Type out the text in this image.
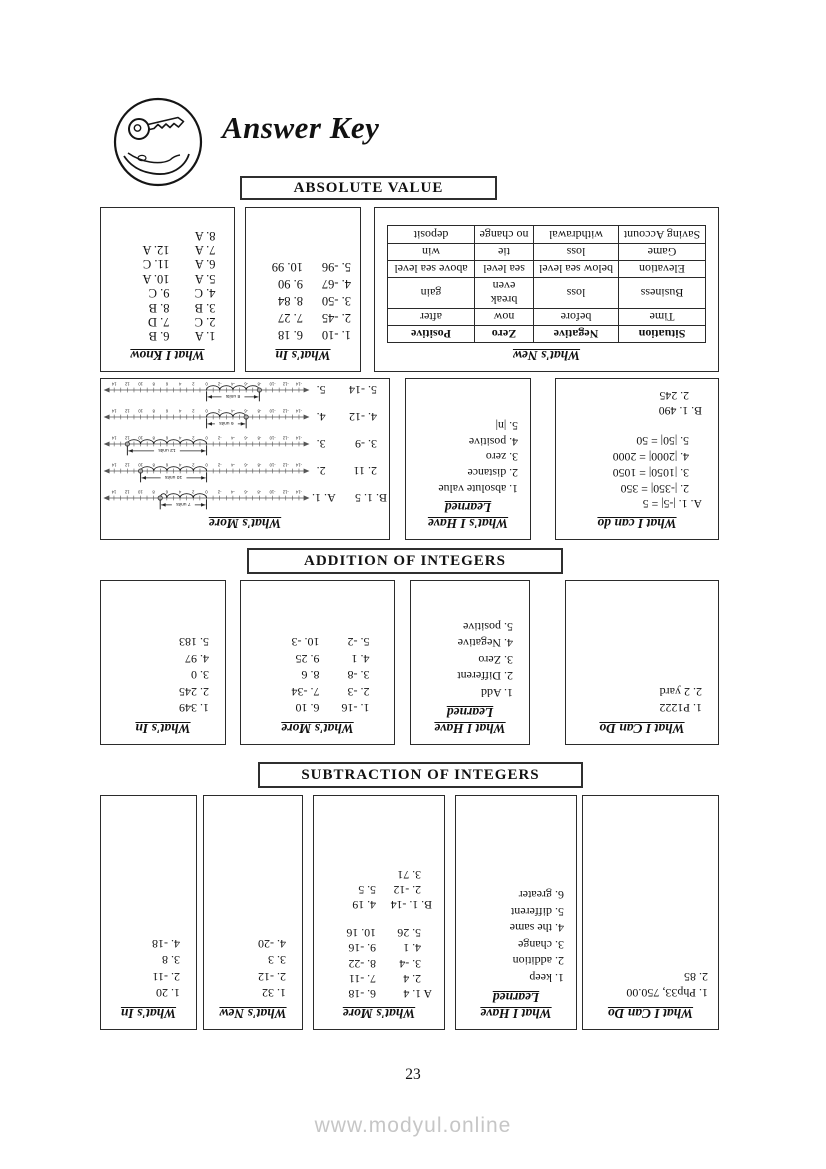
Answer Key
ABSOLUTE VALUE
ADDITION OF INTEGERS
SUBTRACTION OF INTEGERS
What I Know
1. A
6. B
2. C
7. D
3. B
8. B
4. C
9. C
5. A
10. A
6. A
11. C
7. A
12. A
8. A
What's In
1. -10
6. 18
2. -45
7. 27
3. -50
8. 84
4. -67
9. 90
5. -96
10. 99
What's New
Situation	Negative	Zero	Positive
Time	before	now	after
Business	loss	break even	gain
Elevation	below sea level	sea level	above sea level
Game	loss	tie	win
Saving Account	withdrawal	no change	deposit
What's More
B. 1. 5
A. 1.
-14
-12
-10
-8
-6
-4
-2
0
2
4
6
8
10
12
14
7 units
2. 11
2.
-14
-12
-10
-8
-6
-4
-2
0
2
4
6
8
10
12
14
10 units
3. -9
3.
-14
-12
-10
-8
-6
-4
-2
0
2
4
6
8
10
12
14
12 units
4. -12
4.
-14
-12
-10
-8
-6
-4
-2
0
2
4
6
8
10
12
14
6 units
5. -14
5.
-14
-12
-10
-8
-6
-4
-2
0
2
4
6
8
10
12
14
8 units
What's I Have Learned
1. absolute value
2. distance
3. zero
4. positive
5. |n|
What I can do
A. 1. |-5| = 5
2. |-350| = 350
3. |1050| = 1050
4. |2000| = 2000
5. |50| = 50
B. 1. 490
2. 245
What's In
1. 349
2. 245
3. 0
4. 97
5. 183
What's More
1. -16
6. 10
2. -3
7. -34
3. -8
8. 6
4. 1
9. 25
5. -2
10. -3
What I Have Learned
1. Add
2. Different
3. Zero
4. Negative
5. positive
What I Can Do
1. P1222
2. 2 yard
What's In
1. 20
2. -11
3. 8
4. -18
What's New
1. 32
2. -12
3. 3
4. -20
What's More
A 1. 4
6. -18
2. 4
7. -11
3. -4
8. -22
4. 1
9. -16
5. 26
10. 16
B. 1. -14
4. 19
2. -12
5. 5
3. 71
What I Have Learned
1. keep
2. addition
3. change
4. the same
5. different
6. greater
What I Can Do
1. Php33, 750.00
2. 85
23
www.modyul.online
